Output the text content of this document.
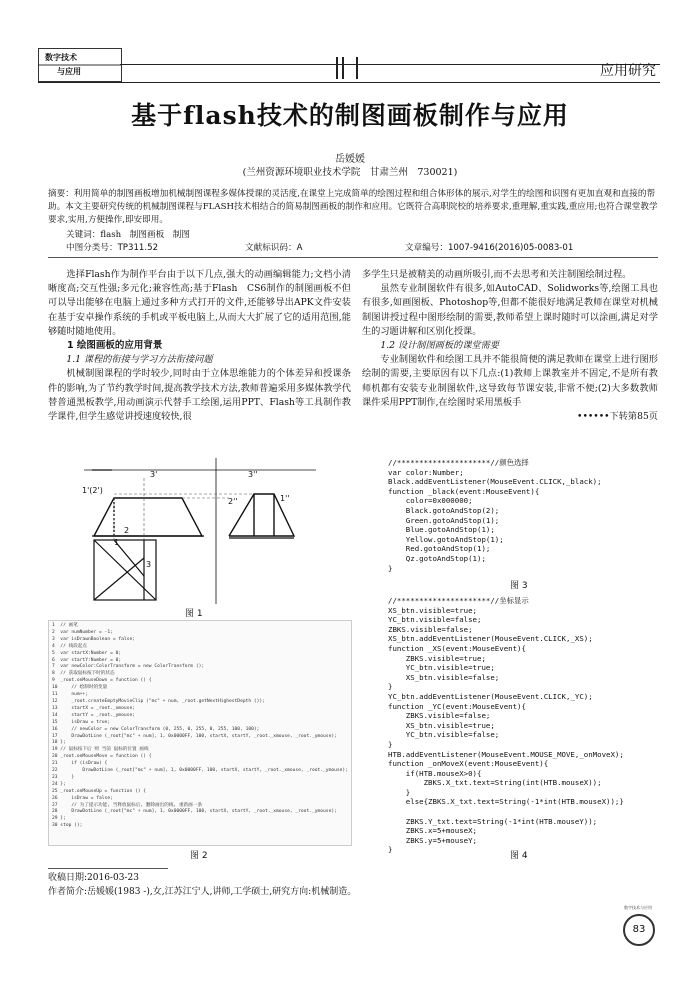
数字技术
与应用	应用研究
基于flash技术的制图画板制作与应用
岳媛媛
(兰州资源环境职业技术学院　甘肃兰州　730021)
摘要：利用简单的制图画板增加机械制图课程多媒体授课的灵活度,在课堂上完成简单的绘图过程和组合体形体的展示,对学生的绘图和识图有更加直观和直接的帮助。本文主要研究传统的机械制图课程与FLASH技术相结合的简易制图画板的制作和应用。它既符合高职院校的培养要求,重理解,重实践,重应用;也符合课堂教学要求,实用,方便操作,即安即用。
关键词：flash　制图画板　制图
中图分类号：TP311.52	文献标识码：A	文章编号：1007-9416(2016)05-0083-01

选择Flash作为制作平台由于以下几点,强大的动画编辑能力;文档小清晰度高;交互性强;多元化;兼容性高;基于Flash　CS6制作的制图画板不但可以导出能够在电脑上通过多种方式打开的文件,还能够导出APK文件安装在基于安卓操作系统的手机或平板电脑上,从而大大扩展了它的适用范围,能够随时随地使用。

1 绘图画板的应用背景

1.1 课程的衔接与学习方法衔接问题

机械制图课程的学时较少,同时由于立体思维能力的个体差异和授课条件的影响,为了节约教学时间,提高教学技术方法,教师普遍采用多媒体教学代替普通黑板教学,用动画演示代替手工绘图,运用PPT、Flash等工具制作教学课件,但学生感觉讲授速度较快,很

多学生只是被精美的动画所吸引,而不去思考和关注制图绘制过程。

虽然专业制图软件有很多,如AutoCAD、Solidworks等,绘图工具也有很多,如画图板、Photoshop等,但都不能很好地满足教师在课堂对机械制图讲授过程中图形绘制的需要,教师希望上课时随时可以涂画,满足对学生的习题讲解和区别化授课。

1.2 设计制图画板的课堂需要

专业制图软件和绘图工具并不能很简便的满足教师在课堂上进行图形绘制的需要,主要原因有以下几点:(1)教师上课教室并不固定,不是所有教师机都有安装专业制图软件,这导致每节课安装,非常不便;(2)大多数教师课件采用PPT制作,在绘图时采用黑板手

••••••下转第85页

1'(2')
3'	3''
2''	1''
1
2
3
图 1
1  // 画笔
2  var numNumber = -1;
3  var isDrawnBoolean = false;
4  // 线段起点
5  var startX:Number = 0;
6  var startY:Number = 0;
7  var newColor:ColorTransform = new ColorTransform ();
8  // 获取鼠标按下时的状态
9  _root.onMouseDown = function () {
10     // 绘制时的变量
11     num++;
12     _root.createEmptyMovieClip ("mc" + num, _root.getNextHighestDepth ());
13     startX = _root._xmouse;
14     startY = _root._ymouse;
15     isDraw = true;
16     // newColor = new ColorTransform (0, 255, 0, 255, 0, 255, 100, 100);
17     DrawDotLine (_root["mc" + num], 1, 0x0000FF, 100, startX, startY, _root._xmouse, _root._ymouse);
18 };
19 // 鼠标按下后 则 当前 鼠标的位置 画线
20 _root.onMouseMove = function () {
21     if (isDraw) {
22         DrawDotLine (_root["mc" + num], 1, 0x0000FF, 100, startX, startY, _root._xmouse, _root._ymouse);
23     }
24 };
25 _root.onMouseUp = function () {
26     isDraw = false;
27     // 为了提示功能, 当释放鼠标后, 删除画出的线, 重新画一条
28     DrawDotLine (_root["mc" + num], 1, 0x0000FF, 100, startX, startY, _root._xmouse, _root._ymouse);
29 };
30 stop ();
图 2
//*********************//颜色选择
var color:Number;
Black.addEventListener(MouseEvent.CLICK,_black);
function _black(event:MouseEvent){
color=0x000000;
Black.gotoAndStop(2);
Green.gotoAndStop(1);
Blue.gotoAndStop(1);
Yellow.gotoAndStop(1);
Red.gotoAndStop(1);
Qz.gotoAndStop(1);
}
图 3
//*********************//坐标显示
XS_btn.visible=true;
YC_btn.visible=false;
ZBKS.visible=false;
XS_btn.addEventListener(MouseEvent.CLICK,_XS);
function _XS(event:MouseEvent){
ZBKS.visible=true;
YC_btn.visible=true;
XS_btn.visible=false;
}
YC_btn.addEventListener(MouseEvent.CLICK,_YC);
function _YC(event:MouseEvent){
ZBKS.visible=false;
XS_btn.visible=true;
YC_btn.visible=false;
}
HTB.addEventListener(MouseEvent.MOUSE_MOVE,_onMoveX);
function _onMoveX(event:MouseEvent){
if(HTB.mouseX>0){
ZBKS.X_txt.text=String(int(HTB.mouseX));
}
else{ZBKS.X_txt.text=String(-1*int(HTB.mouseX));}

ZBKS.Y_txt.text=String(-1*int(HTB.mouseY));
ZBKS.x=5+mouseX;
ZBKS.y=5+mouseY;
}
图 4
收稿日期:2016-03-23
作者简介:岳媛媛(1983 -),女,江苏江宁人,讲师,工学硕士,研究方向:机械制造。
数字技术与应用
83
